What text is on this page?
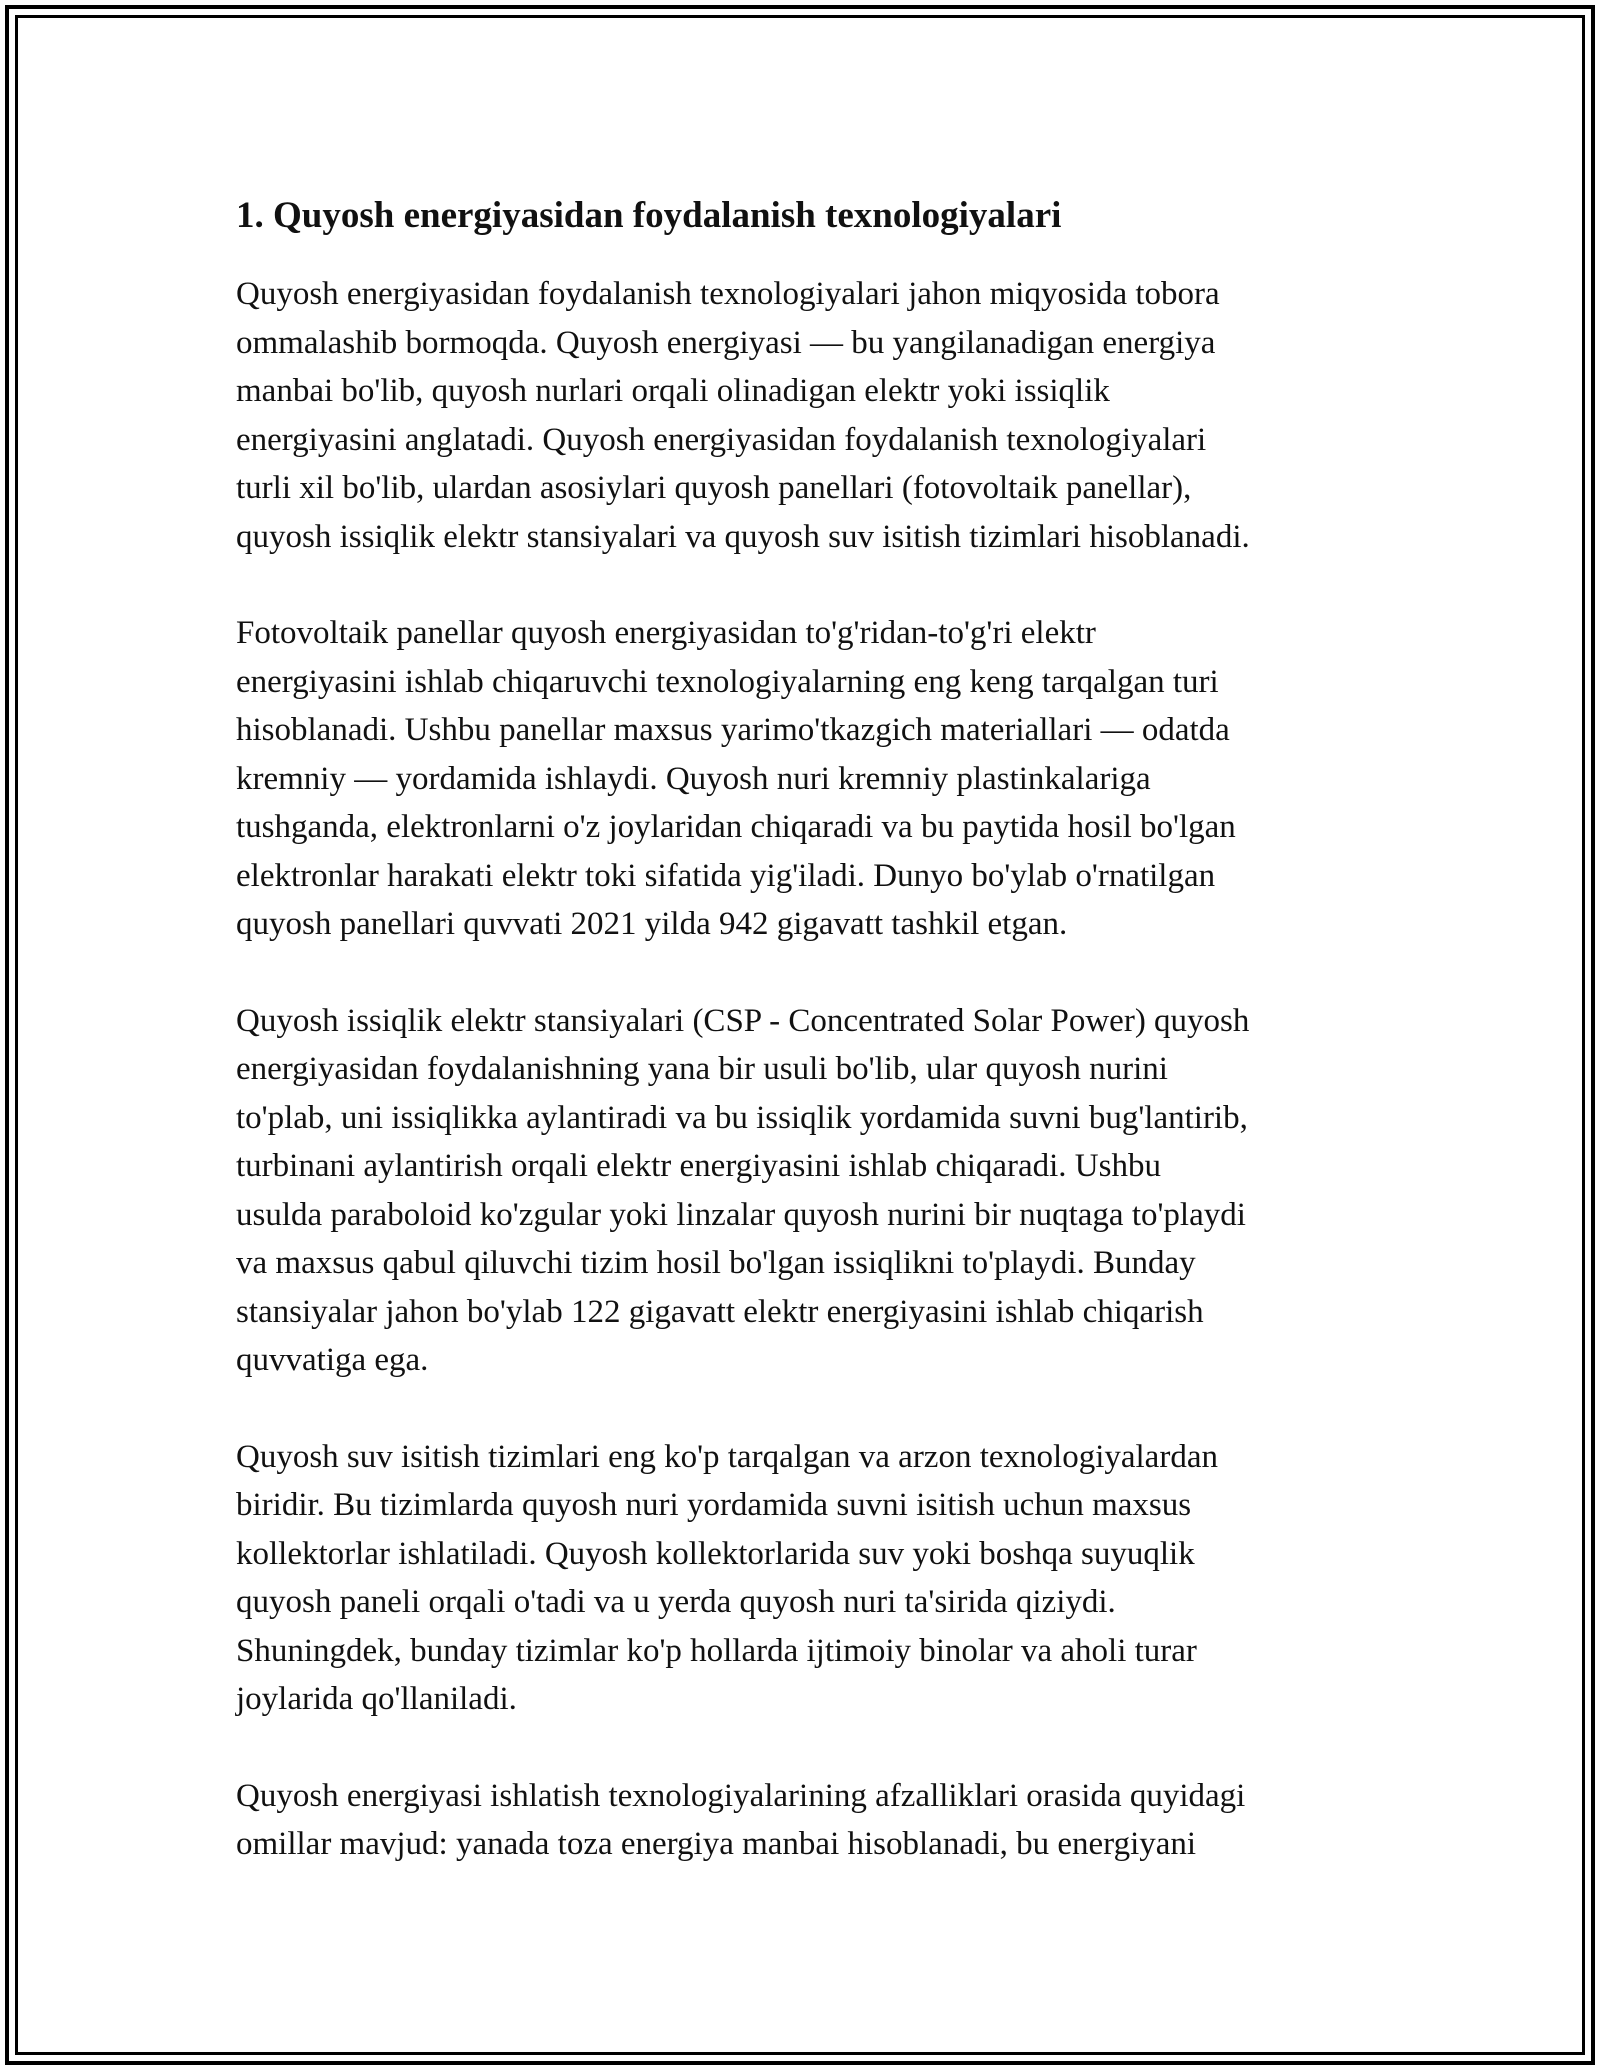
1. Quyosh energiyasidan foydalanish texnologiyalari
Quyosh energiyasidan foydalanish texnologiyalari jahon miqyosida tobora
ommalashib bormoqda. Quyosh energiyasi — bu yangilanadigan energiya
manbai bo'lib, quyosh nurlari orqali olinadigan elektr yoki issiqlik
energiyasini anglatadi. Quyosh energiyasidan foydalanish texnologiyalari
turli xil bo'lib, ulardan asosiylari quyosh panellari (fotovoltaik panellar),
quyosh issiqlik elektr stansiyalari va quyosh suv isitish tizimlari hisoblanadi.
Fotovoltaik panellar quyosh energiyasidan to'g'ridan-to'g'ri elektr
energiyasini ishlab chiqaruvchi texnologiyalarning eng keng tarqalgan turi
hisoblanadi. Ushbu panellar maxsus yarimo'tkazgich materiallari — odatda
kremniy — yordamida ishlaydi. Quyosh nuri kremniy plastinkalariga
tushganda, elektronlarni o'z joylaridan chiqaradi va bu paytida hosil bo'lgan
elektronlar harakati elektr toki sifatida yig'iladi. Dunyo bo'ylab o'rnatilgan
quyosh panellari quvvati 2021 yilda 942 gigavatt tashkil etgan.
Quyosh issiqlik elektr stansiyalari (CSP - Concentrated Solar Power) quyosh
energiyasidan foydalanishning yana bir usuli bo'lib, ular quyosh nurini
to'plab, uni issiqlikka aylantiradi va bu issiqlik yordamida suvni bug'lantirib,
turbinani aylantirish orqali elektr energiyasini ishlab chiqaradi. Ushbu
usulda paraboloid ko'zgular yoki linzalar quyosh nurini bir nuqtaga to'playdi
va maxsus qabul qiluvchi tizim hosil bo'lgan issiqlikni to'playdi. Bunday
stansiyalar jahon bo'ylab 122 gigavatt elektr energiyasini ishlab chiqarish
quvvatiga ega.
Quyosh suv isitish tizimlari eng ko'p tarqalgan va arzon texnologiyalardan
biridir. Bu tizimlarda quyosh nuri yordamida suvni isitish uchun maxsus
kollektorlar ishlatiladi. Quyosh kollektorlarida suv yoki boshqa suyuqlik
quyosh paneli orqali o'tadi va u yerda quyosh nuri ta'sirida qiziydi.
Shuningdek, bunday tizimlar ko'p hollarda ijtimoiy binolar va aholi turar
joylarida qo'llaniladi.
Quyosh energiyasi ishlatish texnologiyalarining afzalliklari orasida quyidagi
omillar mavjud: yanada toza energiya manbai hisoblanadi, bu energiyani
